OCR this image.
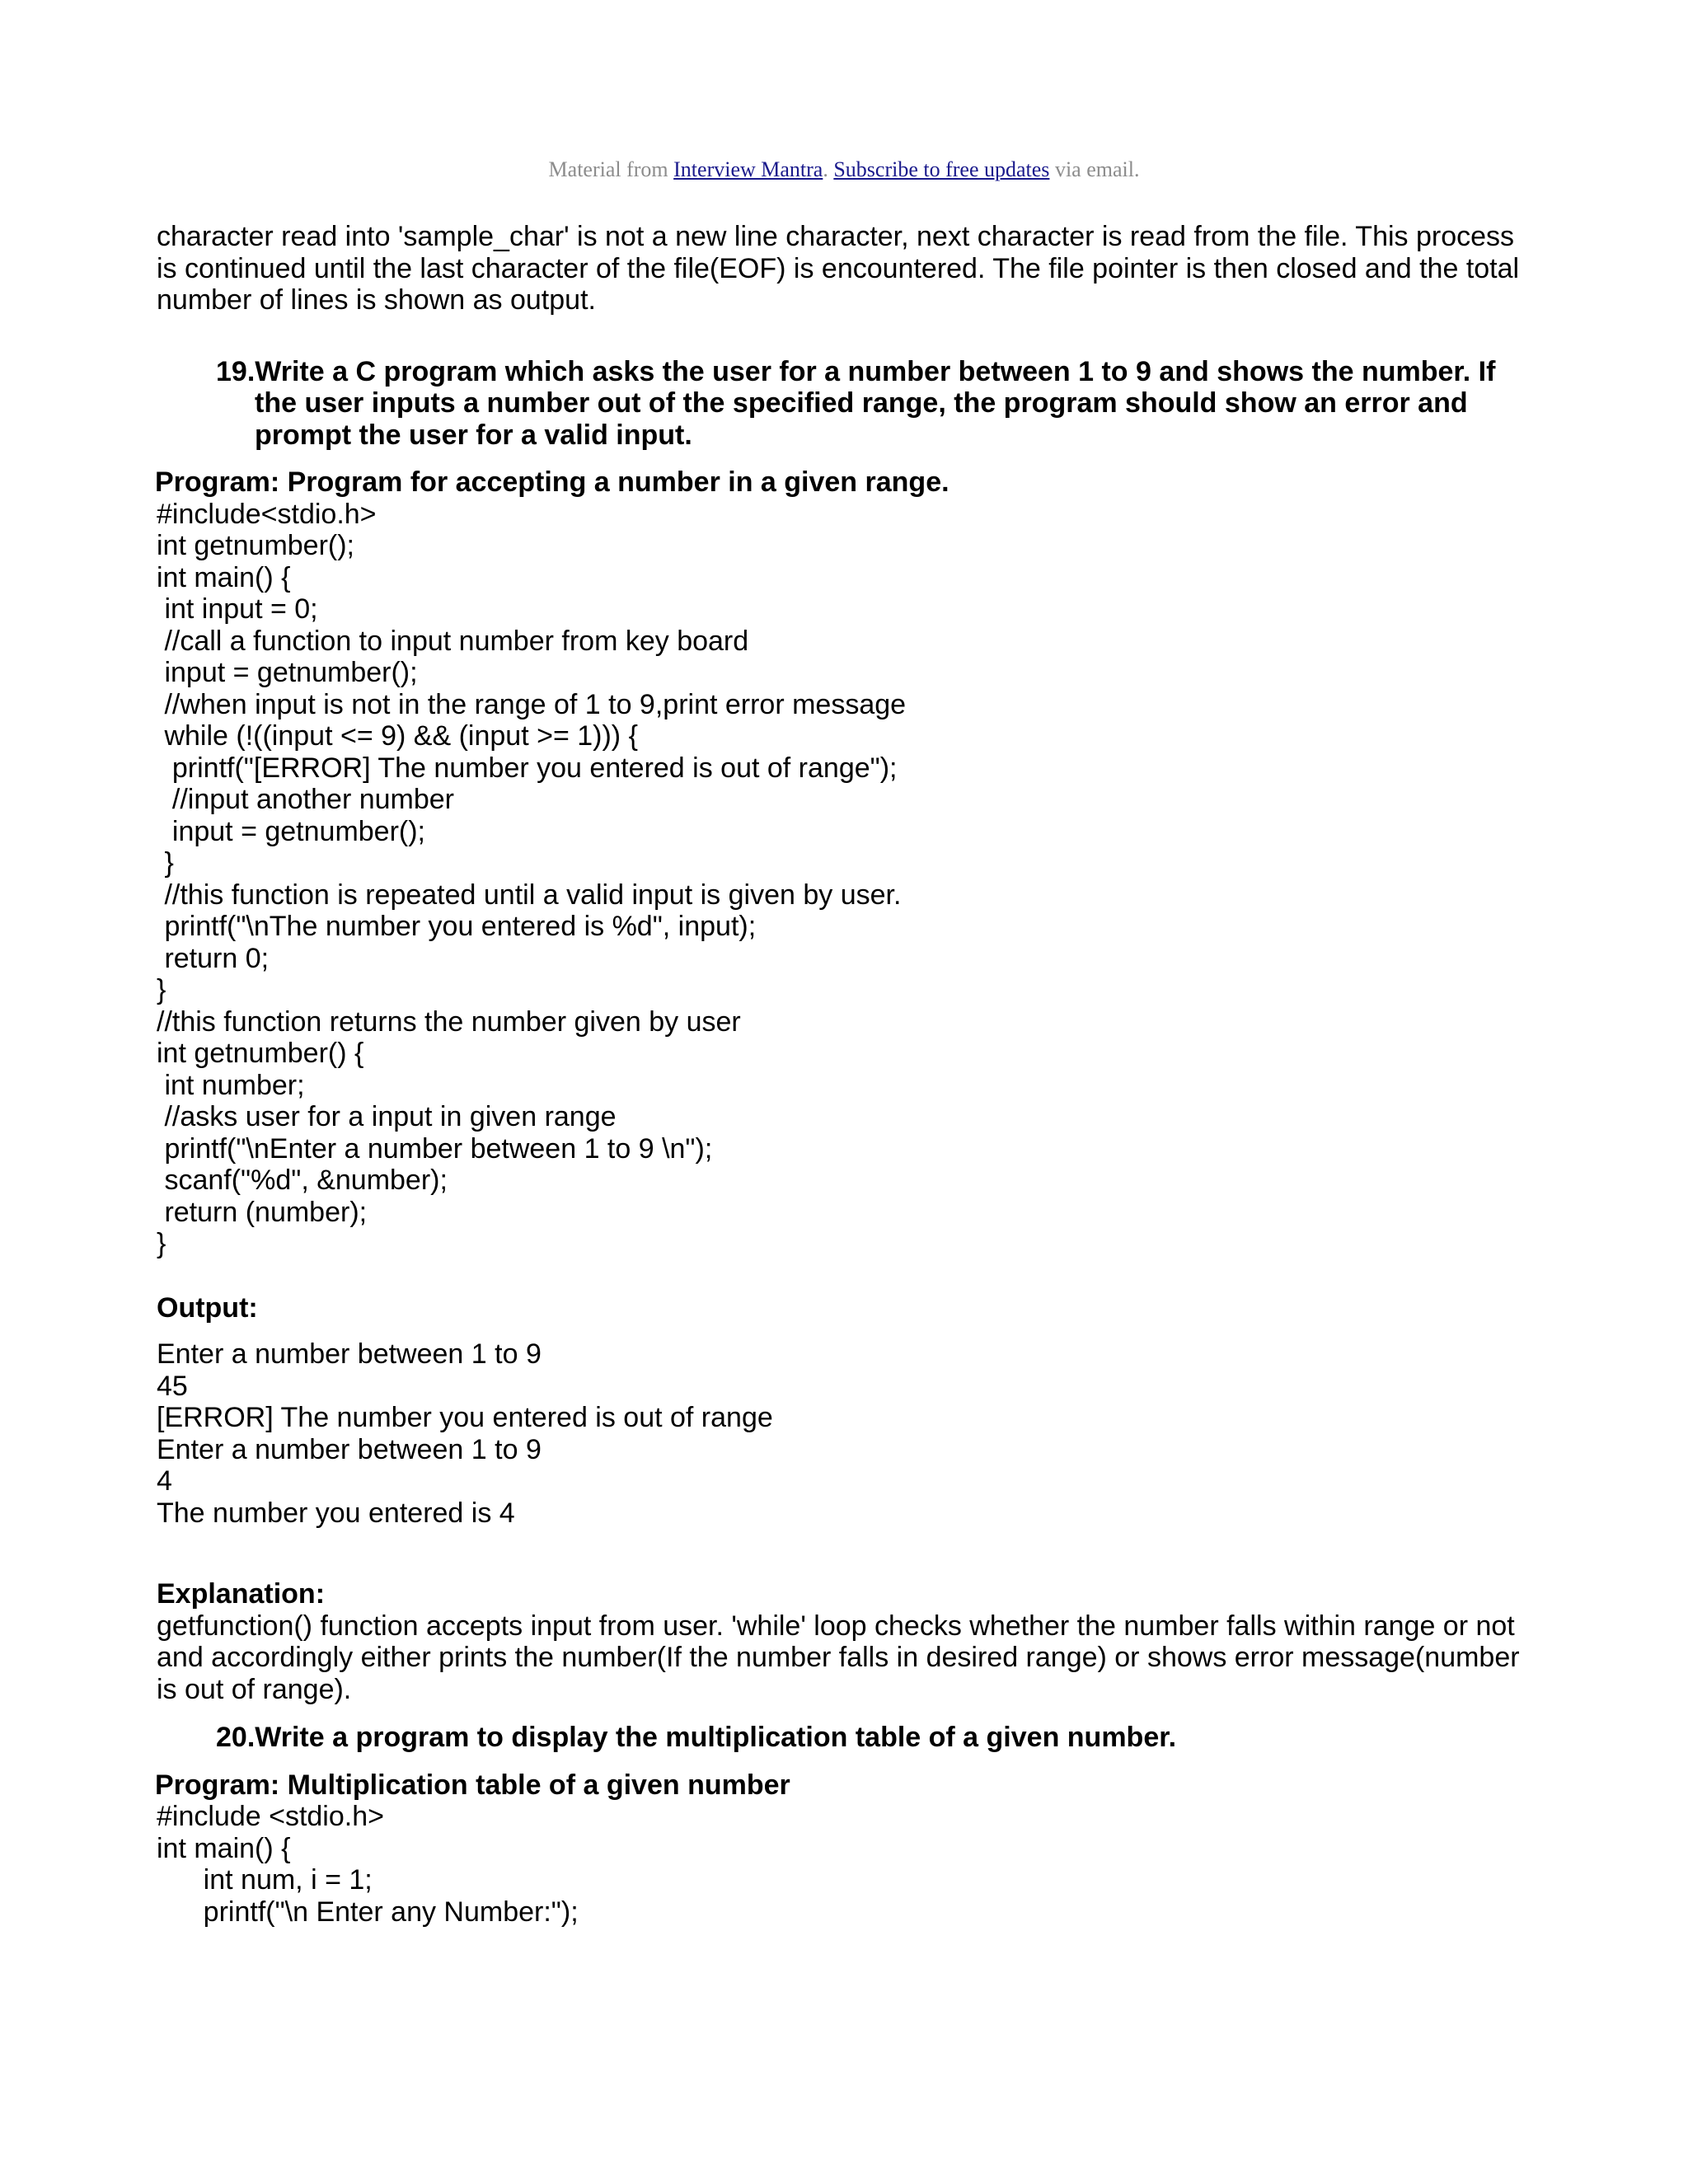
Material from Interview Mantra. Subscribe to free updates via email.

character read into 'sample_char' is not a new line character, next character is read from the file. This process is continued until the last character of the file(EOF) is encountered. The file pointer is then closed and the total number of lines is shown as output.

19.Write a C program which asks the user for a number between 1 to 9 and shows the number. If the user inputs a number out of the specified range, the program should show an error and prompt the user for a valid input.

Program: Program for accepting a number in a given range.

#include<stdio.h>
int getnumber();
int main() {
int input = 0;
//call a function to input number from key board
input = getnumber();
//when input is not in the range of 1 to 9,print error message
while (!((input <= 9) && (input >= 1))) {
printf("[ERROR] The number you entered is out of range");
//input another number
input = getnumber();
}
//this function is repeated until a valid input is given by user.
printf("\nThe number you entered is %d", input);
return 0;
}
//this function returns the number given by user
int getnumber() {
int number;
//asks user for a input in given range
printf("\nEnter a number between 1 to 9 \n");
scanf("%d", &number);
return (number);
}

Output:

Enter a number between 1 to 9
45
[ERROR] The number you entered is out of range
Enter a number between 1 to 9
4
The number you entered is 4

Explanation:

getfunction() function accepts input from user. 'while' loop checks whether the number falls within range or not and accordingly either prints the number(If the number falls in desired range) or shows error message(number is out of range).

20.Write a program to display the multiplication table of a given number.

Program: Multiplication table of a given number

#include <stdio.h>
int main() {
int num, i = 1;
printf("\n Enter any Number:");
